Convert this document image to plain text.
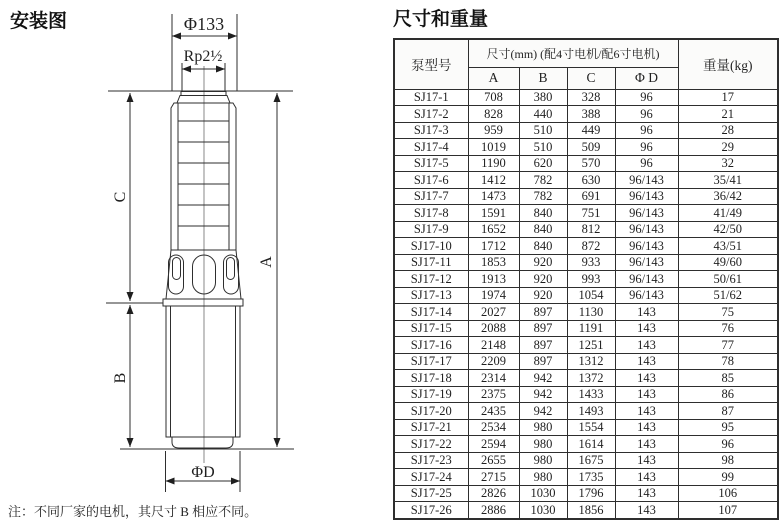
安装图	Φ133
Rp2½
C
B
A
ΦD
尺寸和重量
泵型号	尺寸(mm) (配4寸电机/配6寸电机)				重量(kg)
	A	B	C	Φ D	
SJ17-1	708	380	328	96	17
SJ17-2	828	440	388	96	21
SJ17-3	959	510	449	96	28
SJ17-4	1019	510	509	96	29
SJ17-5	1190	620	570	96	32
SJ17-6	1412	782	630	96/143	35/41
SJ17-7	1473	782	691	96/143	36/42
SJ17-8	1591	840	751	96/143	41/49
SJ17-9	1652	840	812	96/143	42/50
SJ17-10	1712	840	872	96/143	43/51
SJ17-11	1853	920	933	96/143	49/60
SJ17-12	1913	920	993	96/143	50/61
SJ17-13	1974	920	1054	96/143	51/62
SJ17-14	2027	897	1130	143	75
SJ17-15	2088	897	1191	143	76
SJ17-16	2148	897	1251	143	77
SJ17-17	2209	897	1312	143	78
SJ17-18	2314	942	1372	143	85
SJ17-19	2375	942	1433	143	86
SJ17-20	2435	942	1493	143	87
SJ17-21	2534	980	1554	143	95
SJ17-22	2594	980	1614	143	96
SJ17-23	2655	980	1675	143	98
SJ17-24	2715	980	1735	143	99
SJ17-25	2826	1030	1796	143	106
SJ17-26	2886	1030	1856	143	107
注：不同厂家的电机，其尺寸 B 相应不同。
